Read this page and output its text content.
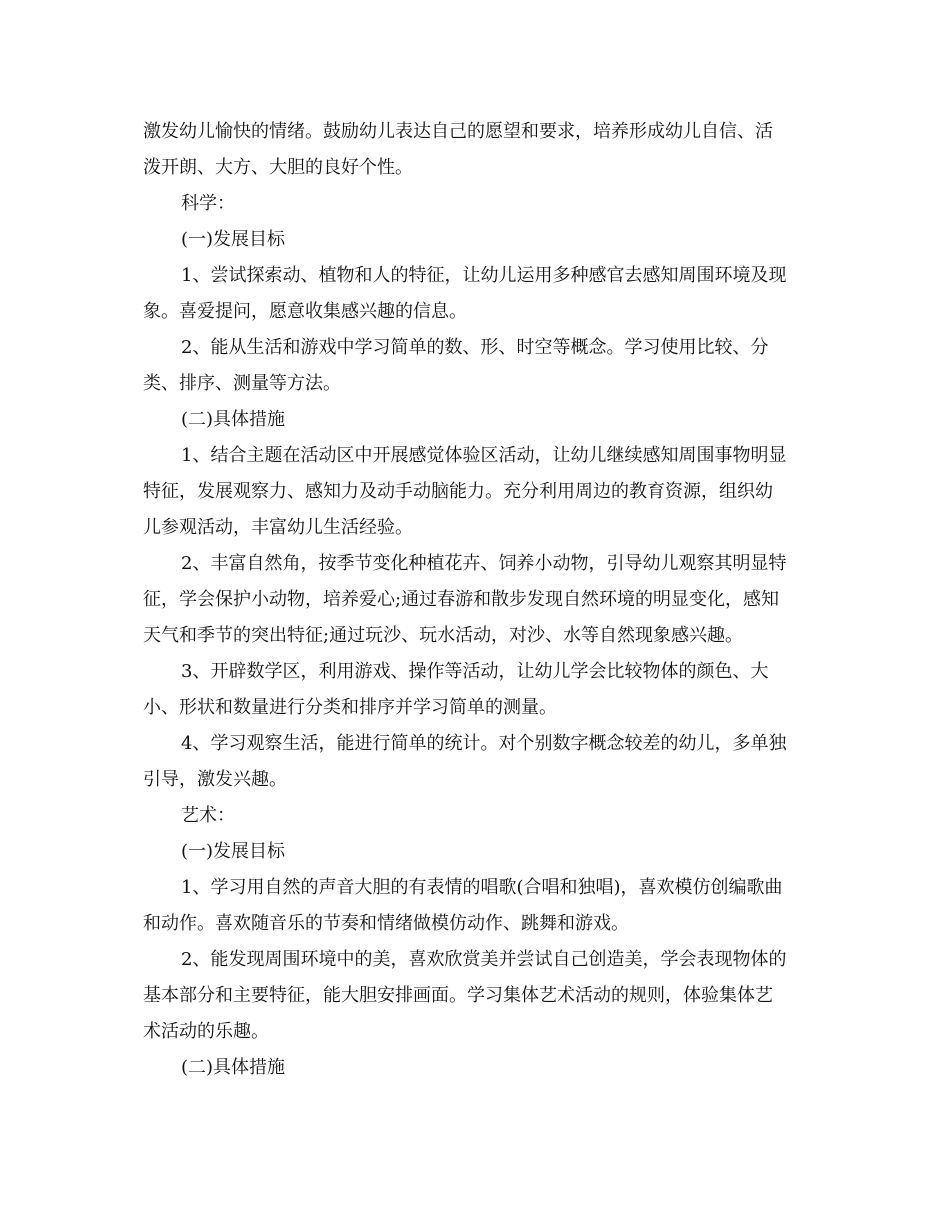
激发幼儿愉快的情绪。鼓励幼儿表达自己的愿望和要求，培养形成幼儿自信、活
泼开朗、大方、大胆的良好个性。
科学：
(一)发展目标
1、尝试探索动、植物和人的特征，让幼儿运用多种感官去感知周围环境及现
象。喜爱提问，愿意收集感兴趣的信息。
2、能从生活和游戏中学习简单的数、形、时空等概念。学习使用比较、分
类、排序、测量等方法。
(二)具体措施
1、结合主题在活动区中开展感觉体验区活动，让幼儿继续感知周围事物明显
特征，发展观察力、感知力及动手动脑能力。充分利用周边的教育资源，组织幼
儿参观活动，丰富幼儿生活经验。
2、丰富自然角，按季节变化种植花卉、饲养小动物，引导幼儿观察其明显特
征，学会保护小动物，培养爱心;通过春游和散步发现自然环境的明显变化，感知
天气和季节的突出特征;通过玩沙、玩水活动，对沙、水等自然现象感兴趣。
3、开辟数学区，利用游戏、操作等活动，让幼儿学会比较物体的颜色、大
小、形状和数量进行分类和排序并学习简单的测量。
4、学习观察生活，能进行简单的统计。对个别数字概念较差的幼儿，多单独
引导，激发兴趣。
艺术：
(一)发展目标
1、学习用自然的声音大胆的有表情的唱歌(合唱和独唱)，喜欢模仿创编歌曲
和动作。喜欢随音乐的节奏和情绪做模仿动作、跳舞和游戏。
2、能发现周围环境中的美，喜欢欣赏美并尝试自己创造美，学会表现物体的
基本部分和主要特征，能大胆安排画面。学习集体艺术活动的规则，体验集体艺
术活动的乐趣。
(二)具体措施
